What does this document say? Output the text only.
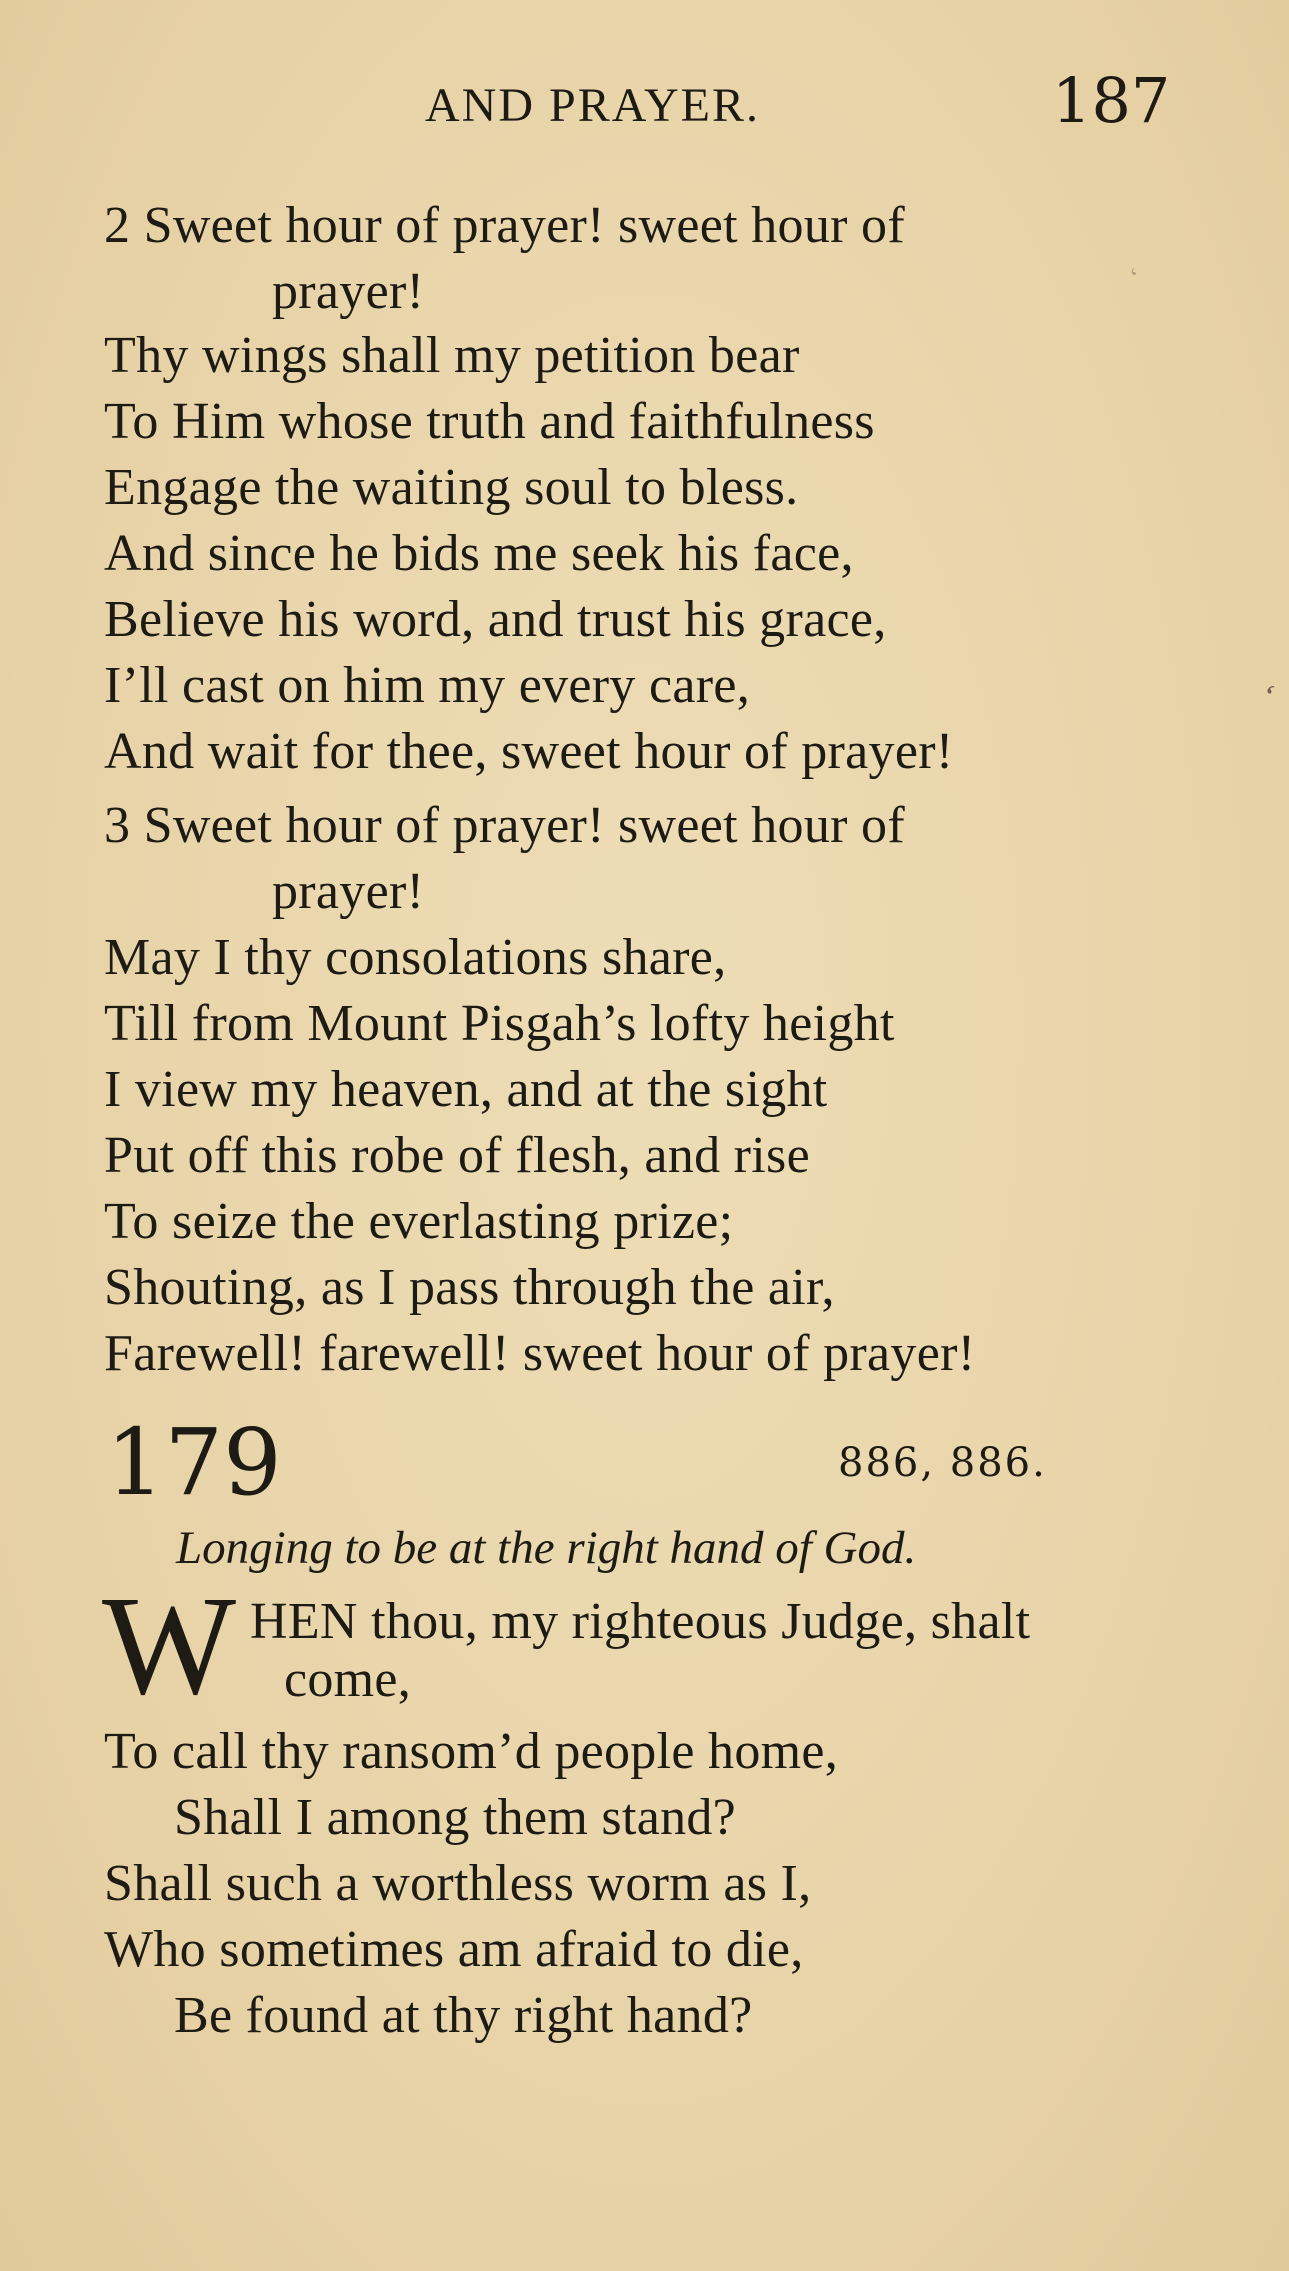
AND PRAYER.	187
2 Sweet hour of prayer! sweet hour of
prayer!
Thy wings shall my petition bear
To Him whose truth and faithfulness
Engage the waiting soul to bless.
And since he bids me seek his face,
Believe his word, and trust his grace,
I’ll cast on him my every care,
And wait for thee, sweet hour of prayer!
3 Sweet hour of prayer! sweet hour of
prayer!
May I thy consolations share,
Till from Mount Pisgah’s lofty height
I view my heaven, and at the sight
Put off this robe of flesh, and rise
To seize the everlasting prize;
Shouting, as I pass through the air,
Farewell! farewell! sweet hour of prayer!
179	886, 886.
Longing to be at the right hand of God.
W HEN thou, my righteous Judge, shalt
come,
To call thy ransom’d people home,
Shall I among them stand?
Shall such a worthless worm as I,
Who sometimes am afraid to die,
Be found at thy right hand?
‘
‘
